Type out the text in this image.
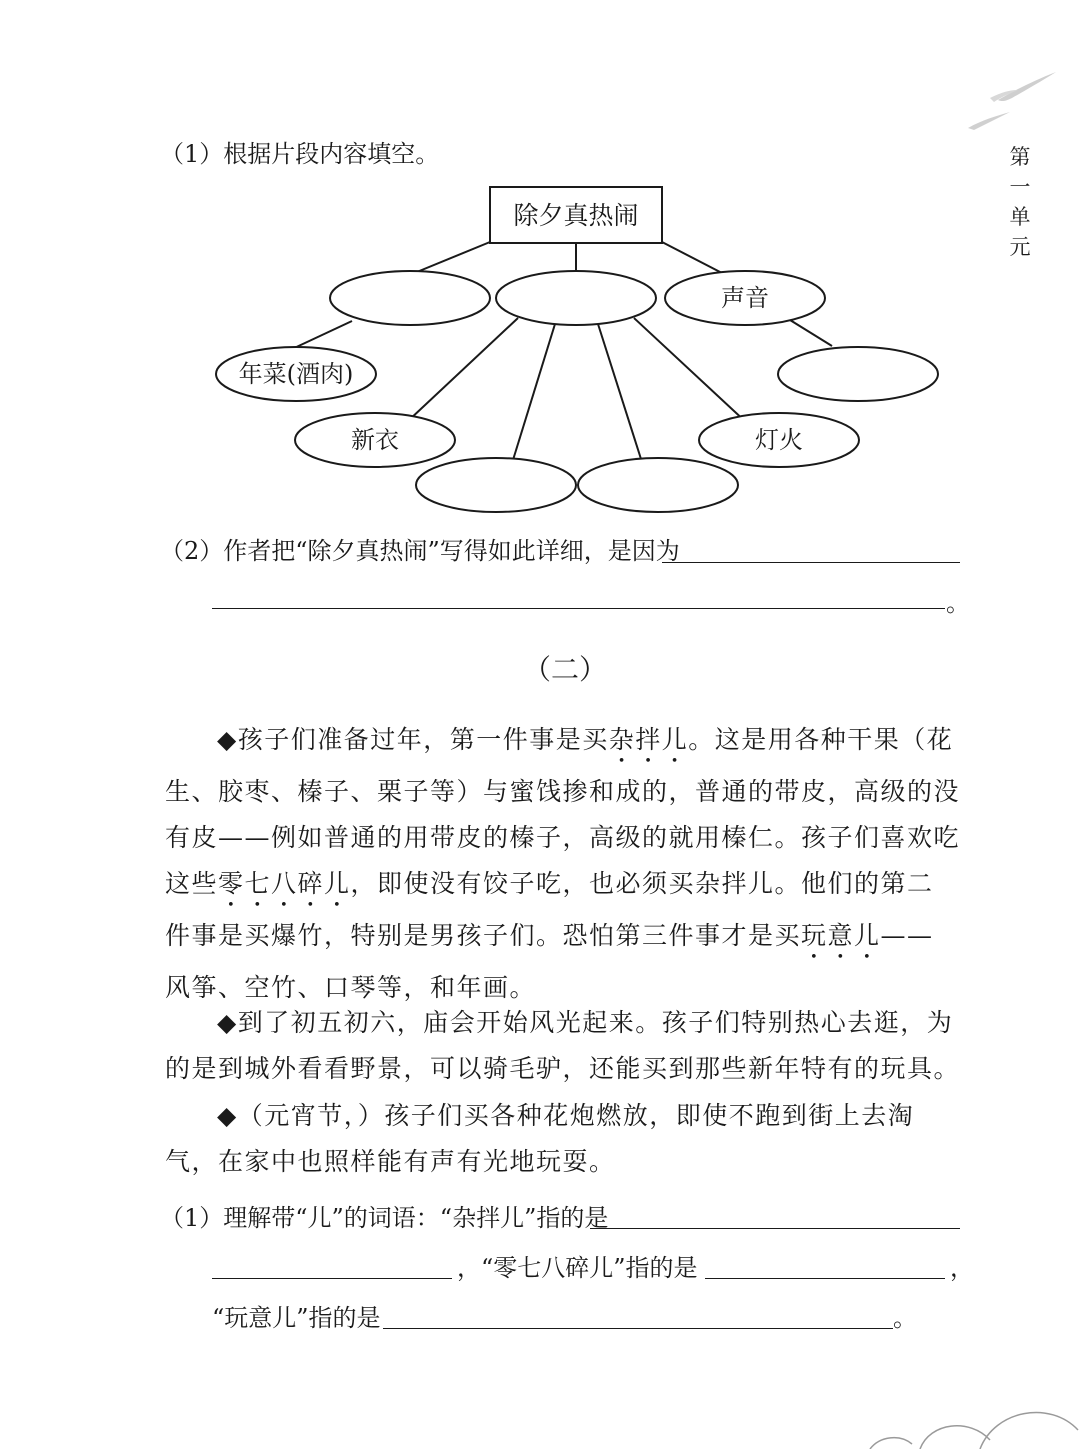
第
一
单
元
（1）根据片段内容填空。
除夕真热闹
声音
灯火
新衣
年菜(酒肉)
（2）作者把“除夕真热闹”写得如此详细，是因为
。
（二）
◆孩子们准备过年，第一件事是买杂拌儿。这是用各种干果（花生、胶枣、榛子、栗子等）与蜜饯掺和成的，普通的带皮，高级的没有皮——例如普通的用带皮的榛子，高级的就用榛仁。孩子们喜欢吃这些零七八碎儿，即使没有饺子吃，也必须买杂拌儿。他们的第二件事是买爆竹，特别是男孩子们。恐怕第三件事才是买玩意儿——风筝、空竹、口琴等，和年画。
◆到了初五初六，庙会开始风光起来。孩子们特别热心去逛，为的是到城外看看野景，可以骑毛驴，还能买到那些新年特有的玩具。
◆（元宵节，）孩子们买各种花炮燃放，即使不跑到街上去淘气，在家中也照样能有声有光地玩耍。
（1）理解带“儿”的词语：“杂拌儿”指的是
，“零七八碎儿”指的是	，
“玩意儿”指的是	。
